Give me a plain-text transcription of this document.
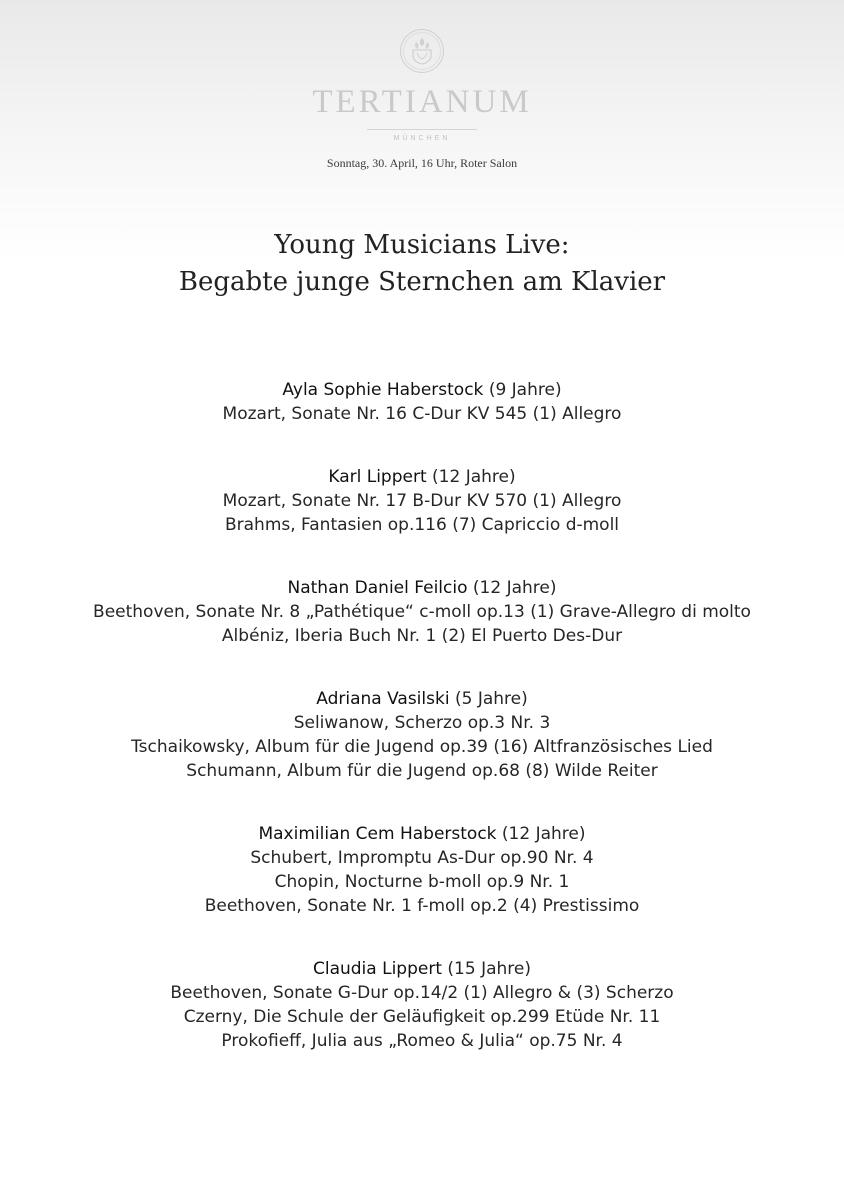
TERTIANUM
MÜNCHEN
Sonntag, 30. April, 16 Uhr, Roter Salon
Young Musicians Live:
Begabte junge Sternchen am Klavier
Ayla Sophie Haberstock (9 Jahre)
Mozart, Sonate Nr. 16 C-Dur KV 545 (1) Allegro
Karl Lippert (12 Jahre)
Mozart, Sonate Nr. 17 B-Dur KV 570 (1) Allegro
Brahms, Fantasien op.116 (7) Capriccio d-moll
Nathan Daniel Feilcio (12 Jahre)
Beethoven, Sonate Nr. 8 „Pathétique“ c-moll op.13 (1) Grave-Allegro di molto
Albéniz, Iberia Buch Nr. 1 (2) El Puerto Des-Dur
Adriana Vasilski (5 Jahre)
Seliwanow, Scherzo op.3 Nr. 3
Tschaikowsky, Album für die Jugend op.39 (16) Altfranzösisches Lied
Schumann, Album für die Jugend op.68 (8) Wilde Reiter
Maximilian Cem Haberstock (12 Jahre)
Schubert, Impromptu As-Dur op.90 Nr. 4
Chopin, Nocturne b-moll op.9 Nr. 1
Beethoven, Sonate Nr. 1 f-moll op.2 (4) Prestissimo
Claudia Lippert (15 Jahre)
Beethoven, Sonate G-Dur op.14/2 (1) Allegro & (3) Scherzo
Czerny, Die Schule der Geläufigkeit op.299 Etüde Nr. 11
Prokofieff, Julia aus „Romeo & Julia“ op.75 Nr. 4
